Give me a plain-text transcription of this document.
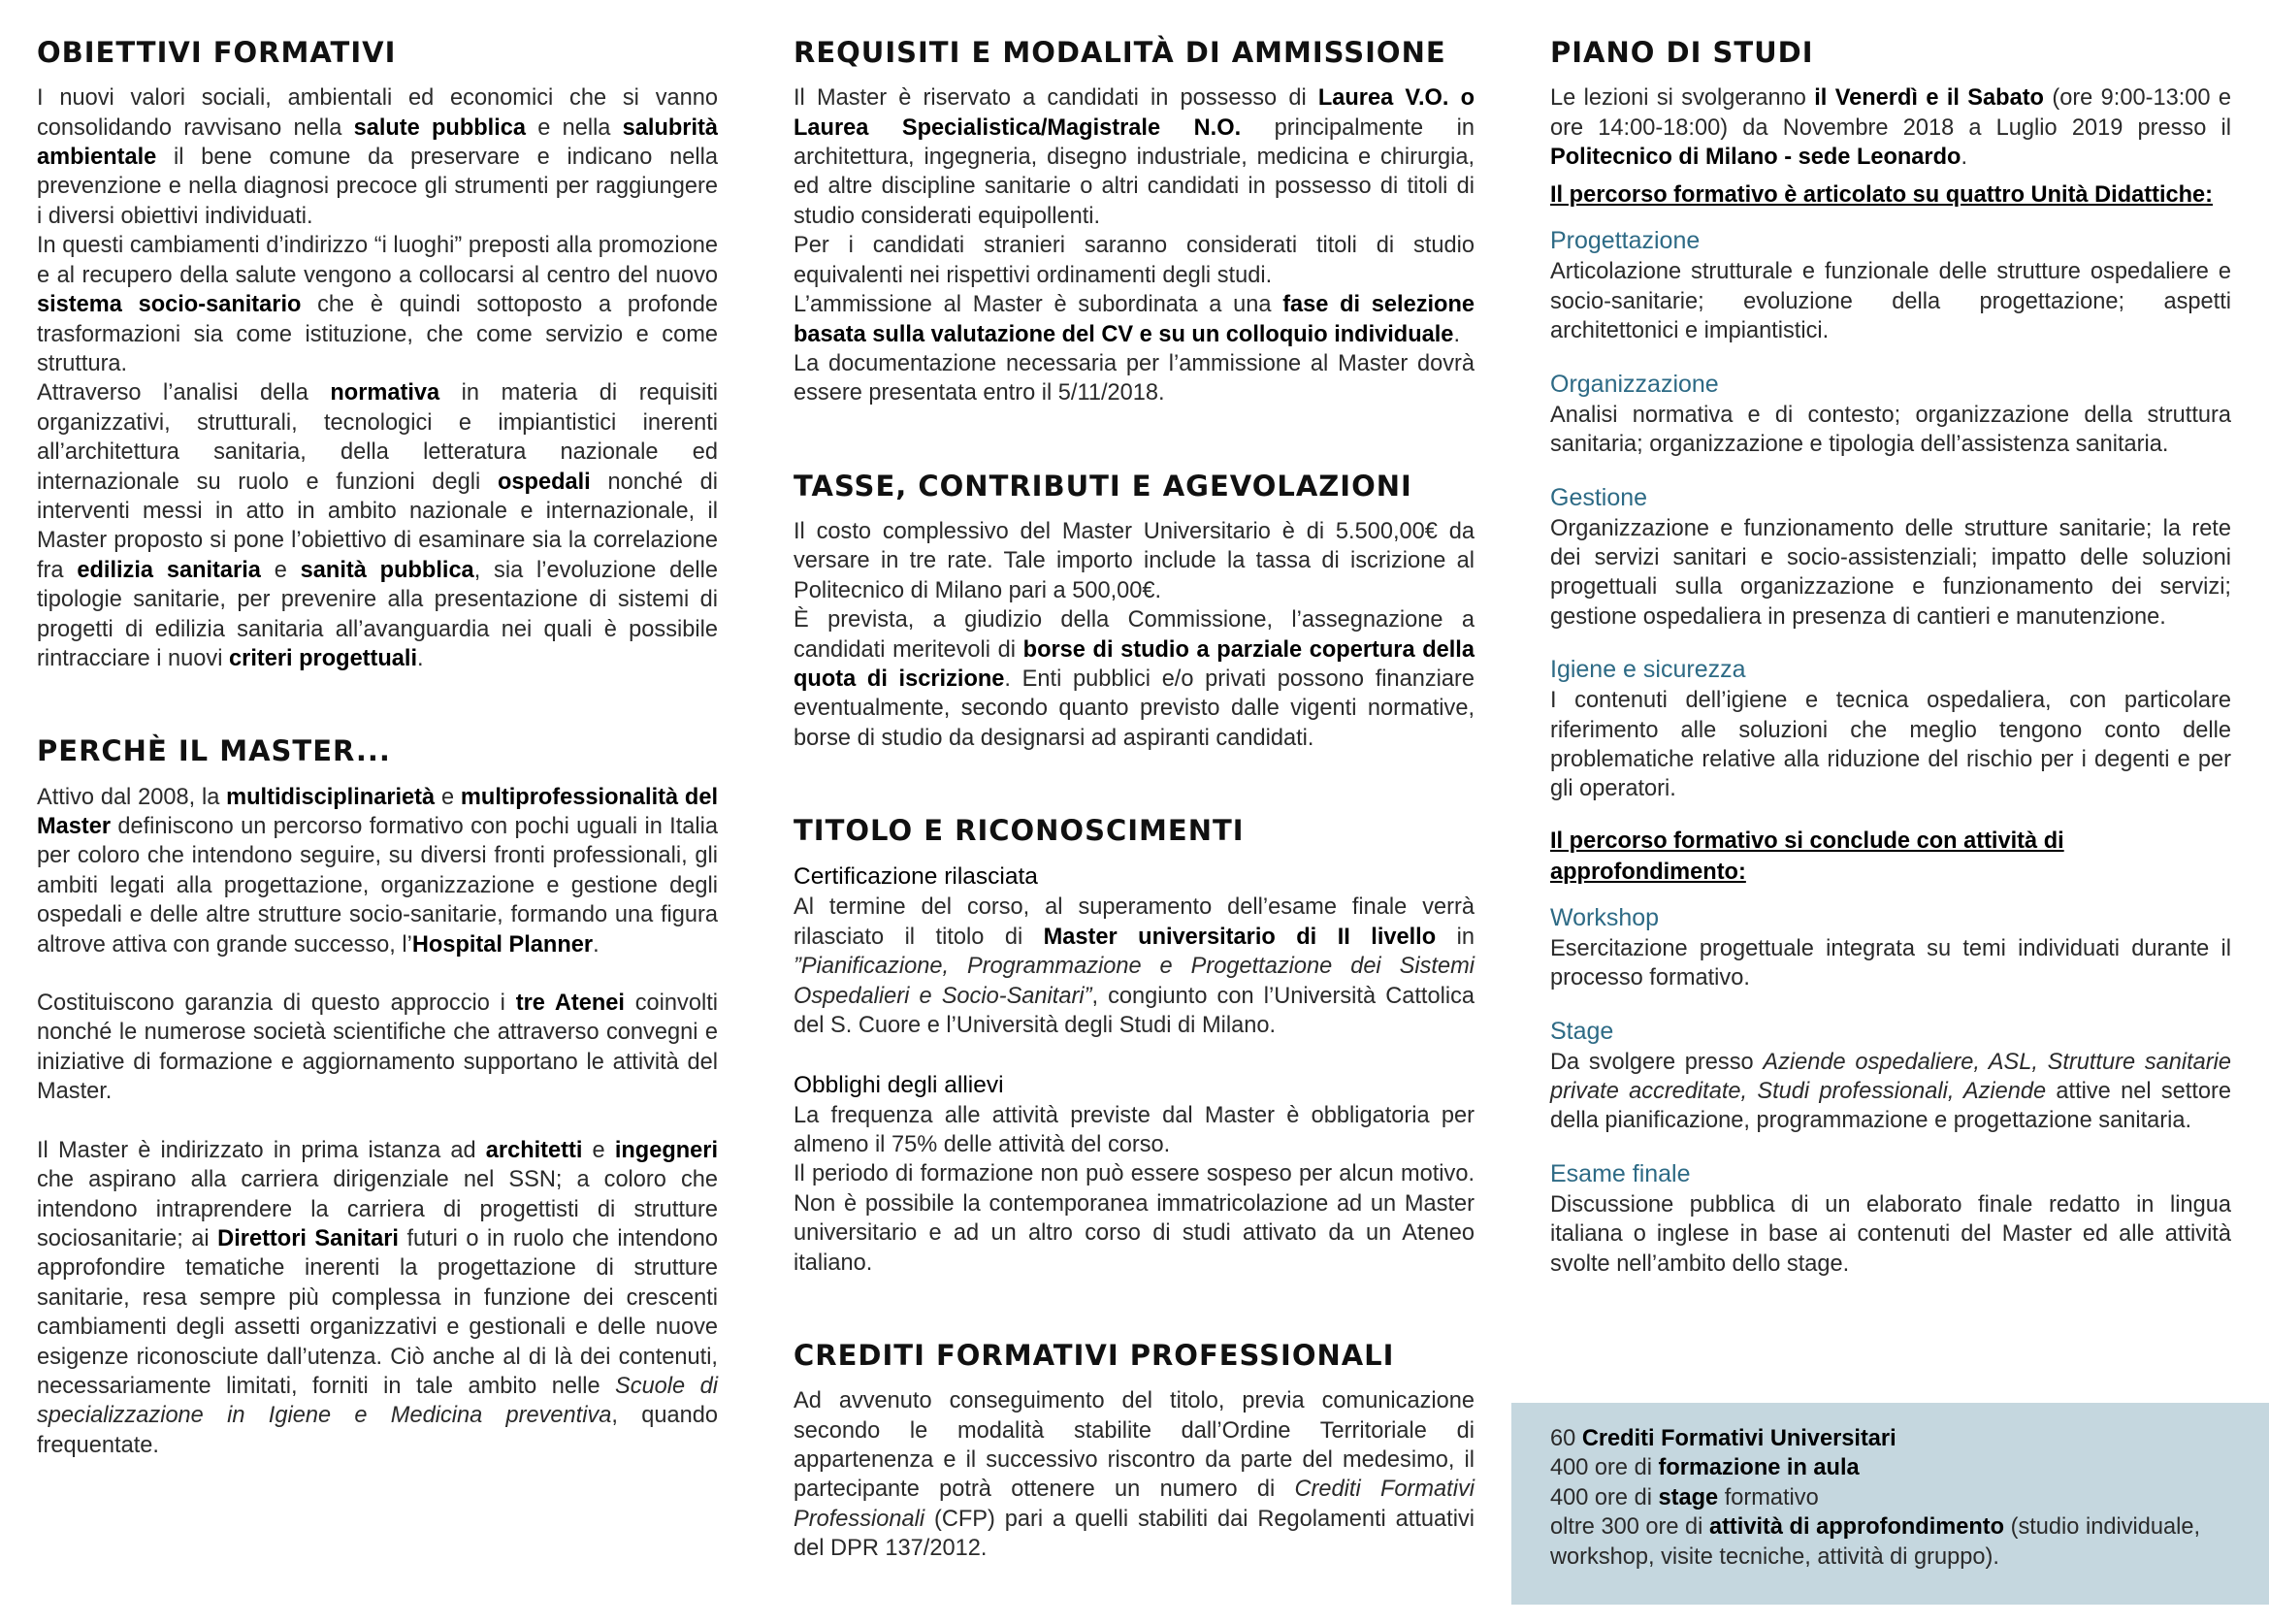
OBIETTIVI FORMATIVI

I nuovi valori sociali, ambientali ed economici che si vanno consolidando ravvisano nella salute pubblica e nella salubrità ambientale il bene comune da preservare e indicano nella prevenzione e nella diagnosi precoce gli strumenti per raggiungere i diversi obiettivi individuati.

In questi cambiamenti d’indirizzo “i luoghi” preposti alla promozione e al recupero della salute vengono a collocarsi al centro del nuovo sistema socio-sanitario che è quindi sottoposto a profonde trasformazioni sia come istituzione, che come servizio e come struttura.

Attraverso l’analisi della normativa in materia di requisiti organizzativi, strutturali, tecnologici e impiantistici inerenti all’architettura sanitaria, della letteratura nazionale ed internazionale su ruolo e funzioni degli ospedali nonché di interventi messi in atto in ambito nazionale e internazionale, il Master proposto si pone l’obiettivo di esaminare sia la correlazione fra edilizia sanitaria e sanità pubblica, sia l’evoluzione delle tipologie sanitarie, per prevenire alla presentazione di sistemi di progetti di edilizia sanitaria all’avanguardia nei quali è possibile rintracciare i nuovi criteri progettuali.

PERCHÈ IL MASTER...

Attivo dal 2008, la multidisciplinarietà e multiprofessionalità del Master definiscono un percorso formativo con pochi uguali in Italia per coloro che intendono seguire, su diversi fronti professionali, gli ambiti legati alla progettazione, organizzazione e gestione degli ospedali e delle altre strutture socio-sanitarie, formando una figura altrove attiva con grande successo, l’Hospital Planner.

Costituiscono garanzia di questo approccio i tre Atenei coinvolti nonché le numerose società scientifiche che attraverso convegni e iniziative di formazione e aggiornamento supportano le attività del Master.

Il Master è indirizzato in prima istanza ad architetti e ingegneri che aspirano alla carriera dirigenziale nel SSN; a coloro che intendono intraprendere la carriera di progettisti di strutture sociosanitarie; ai Direttori Sanitari futuri o in ruolo che intendono approfondire tematiche inerenti la progettazione di strutture sanitarie, resa sempre più complessa in funzione dei crescenti cambiamenti degli assetti organizzativi e gestionali e delle nuove esigenze riconosciute dall’utenza. Ciò anche al di là dei contenuti, necessariamente limitati, forniti in tale ambito nelle Scuole di specializzazione in Igiene e Medicina preventiva, quando frequentate.

REQUISITI E MODALITÀ DI AMMISSIONE

Il Master è riservato a candidati in possesso di Laurea V.O. o Laurea Specialistica/Magistrale N.O. principalmente in architettura, ingegneria, disegno industriale, medicina e chirurgia, ed altre discipline sanitarie o altri candidati in possesso di titoli di studio considerati equipollenti.

Per i candidati stranieri saranno considerati titoli di studio equivalenti nei rispettivi ordinamenti degli studi.

L’ammissione al Master è subordinata a una fase di selezione basata sulla valutazione del CV e su un colloquio individuale.

La documentazione necessaria per l’ammissione al Master dovrà essere presentata entro il 5/11/2018.

TASSE, CONTRIBUTI E AGEVOLAZIONI

Il costo complessivo del Master Universitario è di 5.500,00€ da versare in tre rate. Tale importo include la tassa di iscrizione al Politecnico di Milano pari a 500,00€.

È prevista, a giudizio della Commissione, l’assegnazione a candidati meritevoli di borse di studio a parziale copertura della quota di iscrizione. Enti pubblici e/o privati possono finanziare eventualmente, secondo quanto previsto dalle vigenti normative, borse di studio da designarsi ad aspiranti candidati.

TITOLO E RICONOSCIMENTI

Certificazione rilasciata

Al termine del corso, al superamento dell’esame finale verrà rilasciato il titolo di Master universitario di II livello in ”Pianificazione, Programmazione e Progettazione dei Sistemi Ospedalieri e Socio-Sanitari”, congiunto con l’Università Cattolica del S. Cuore e l’Università degli Studi di Milano.

Obblighi degli allievi

La frequenza alle attività previste dal Master è obbligatoria per almeno il 75% delle attività del corso.

Il periodo di formazione non può essere sospeso per alcun motivo. Non è possibile la contemporanea immatricolazione ad un Master universitario e ad un altro corso di studi attivato da un Ateneo italiano.

CREDITI FORMATIVI PROFESSIONALI

Ad avvenuto conseguimento del titolo, previa comunicazione secondo le modalità stabilite dall’Ordine Territoriale di appartenenza e il successivo riscontro da parte del medesimo, il partecipante potrà ottenere un numero di Crediti Formativi Professionali (CFP) pari a quelli stabiliti dai Regolamenti attuativi del DPR 137/2012.

PIANO DI STUDI

Le lezioni si svolgeranno il Venerdì e il Sabato (ore 9:00-13:00 e ore 14:00-18:00) da Novembre 2018 a Luglio 2019 presso il Politecnico di Milano - sede Leonardo.

Il percorso formativo è articolato su quattro Unità Didattiche:

Progettazione

Articolazione strutturale e funzionale delle strutture ospedaliere e socio-sanitarie; evoluzione della progettazione; aspetti architettonici e impiantistici.

Organizzazione

Analisi normativa e di contesto; organizzazione della struttura sanitaria; organizzazione e tipologia dell’assistenza sanitaria.

Gestione

Organizzazione e funzionamento delle strutture sanitarie; la rete dei servizi sanitari e socio-assistenziali; impatto delle soluzioni progettuali sulla organizzazione e funzionamento dei servizi; gestione ospedaliera in presenza di cantieri e manutenzione.

Igiene e sicurezza

I contenuti dell’igiene e tecnica ospedaliera, con particolare riferimento alle soluzioni che meglio tengono conto delle problematiche relative alla riduzione del rischio per i degenti e per gli operatori.

Il percorso formativo si conclude con attività di approfondimento:

Workshop

Esercitazione progettuale integrata su temi individuati durante il processo formativo.

Stage

Da svolgere presso Aziende ospedaliere, ASL, Strutture sanitarie private accreditate, Studi professionali, Aziende attive nel settore della pianificazione, programmazione e progettazione sanitaria.

Esame finale

Discussione pubblica di un elaborato finale redatto in lingua italiana o inglese in base ai contenuti del Master ed alle attività svolte nell’ambito dello stage.

60 Crediti Formativi Universitari

400 ore di formazione in aula

400 ore di stage formativo

oltre 300 ore di attività di approfondimento (studio individuale, workshop, visite tecniche, attività di gruppo).
